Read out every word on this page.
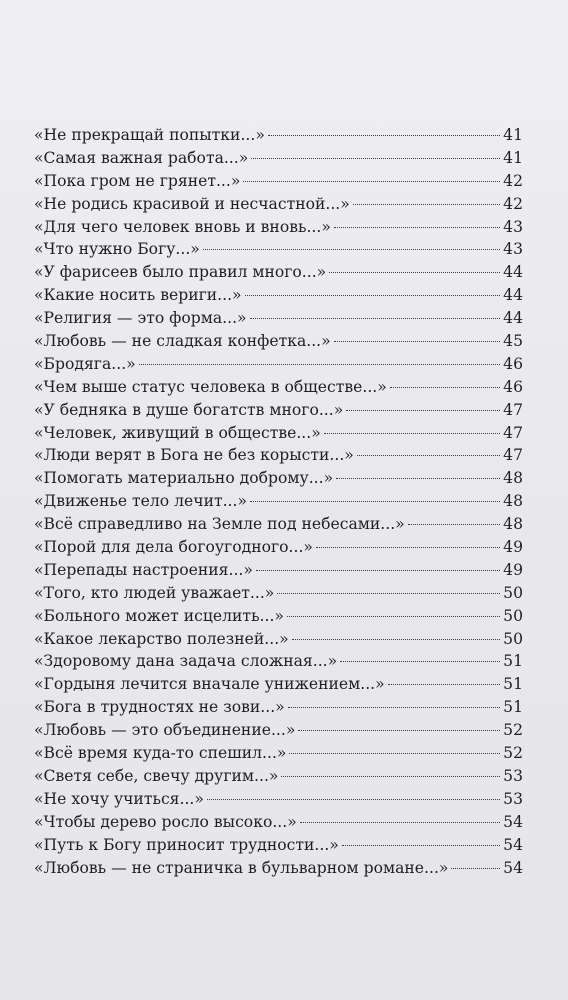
«Не прекращай попытки...»	41
«Самая важная работа...»	41
«Пока гром не грянет...»	42
«Не родись красивой и несчастной...»	42
«Для чего человек вновь и вновь...»	43
«Что нужно Богу...»	43
«У фарисеев было правил много...»	44
«Какие носить вериги...»	44
«Религия — это форма...»	44
«Любовь — не сладкая конфетка...»	45
«Бродяга...»	46
«Чем выше статус человека в обществе...»	46
«У бедняка в душе богатств много...»	47
«Человек, живущий в обществе...»	47
«Люди верят в Бога не без корысти...»	47
«Помогать материально доброму...»	48
«Движенье тело лечит...»	48
«Всё справедливо на Земле под небесами...»	48
«Порой для дела богоугодного...»	49
«Перепады настроения...»	49
«Того, кто людей уважает...»	50
«Больного может исцелить...»	50
«Какое лекарство полезней...»	50
«Здоровому дана задача сложная...»	51
«Гордыня лечится вначале унижением...»	51
«Бога в трудностях не зови...»	51
«Любовь — это объединение...»	52
«Всё время куда-то спешил...»	52
«Светя себе, свечу другим...»	53
«Не хочу учиться...»	53
«Чтобы дерево росло высоко...»	54
«Путь к Богу приносит трудности...»	54
«Любовь — не страничка в бульварном романе...»	54
